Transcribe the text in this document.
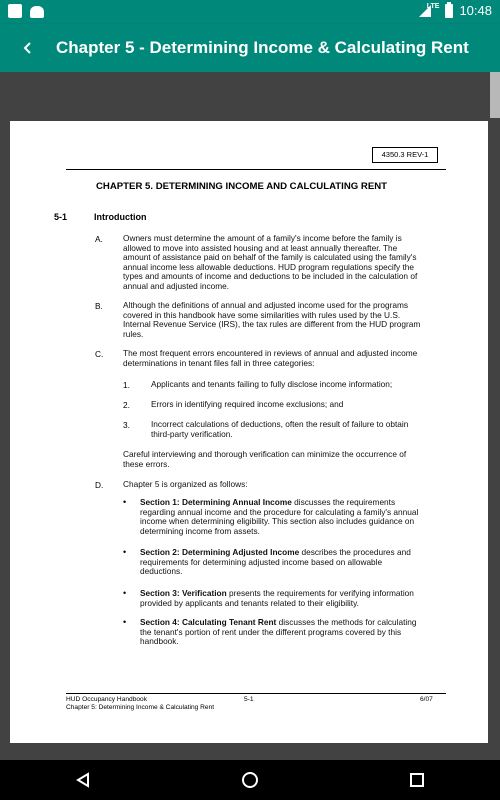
LTE 10:48
Chapter 5 - Determining Income & Calculating Rent
4350.3 REV-1
CHAPTER 5. DETERMINING INCOME AND CALCULATING RENT
5-1	Introduction
A. Owners must determine the amount of a family's income before the family is
allowed to move into assisted housing and at least annually thereafter. The
amount of assistance paid on behalf of the family is calculated using the family's
annual income less allowable deductions. HUD program regulations specify the
types and amounts of income and deductions to be included in the calculation of
annual and adjusted income.
B. Although the definitions of annual and adjusted income used for the programs
covered in this handbook have some similarities with rules used by the U.S.
Internal Revenue Service (IRS), the tax rules are different from the HUD program
rules.
C. The most frequent errors encountered in reviews of annual and adjusted income
determinations in tenant files fall in three categories:
1.	Applicants and tenants failing to fully disclose income information;
2.	Errors in identifying required income exclusions; and
3.	Incorrect calculations of deductions, often the result of failure to obtain
third-party verification.
Careful interviewing and thorough verification can minimize the occurrence of
these errors.
D. Chapter 5 is organized as follows:
• Section 1: Determining Annual Income discusses the requirements
regarding annual income and the procedure for calculating a family's annual
income when determining eligibility. This section also includes guidance on
determining income from assets.
• Section 2: Determining Adjusted Income describes the procedures and
requirements for determining adjusted income based on allowable
deductions.
• Section 3: Verification presents the requirements for verifying information
provided by applicants and tenants related to their eligibility.
• Section 4: Calculating Tenant Rent discusses the methods for calculating
the tenant's portion of rent under the different programs covered by this
handbook.
HUD Occupancy Handbook
Chapter 5: Determining Income & Calculating Rent
5-1	6/07
